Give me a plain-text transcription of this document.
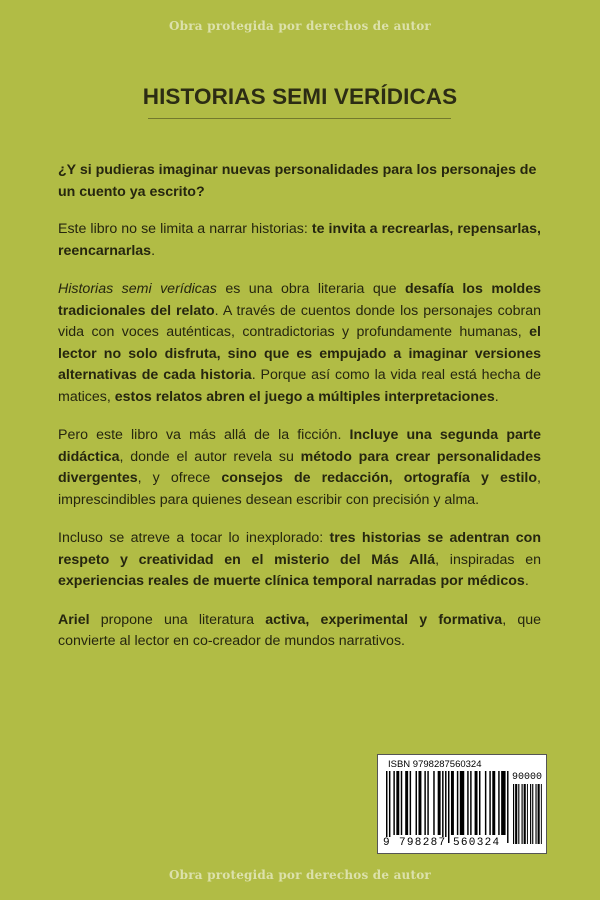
Obra protegida por derechos de autor
HISTORIAS SEMI VERÍDICAS

¿Y si pudieras imaginar nuevas personalidades para los personajes de un cuento ya escrito?

Este libro no se limita a narrar historias: te invita a recrearlas, repensarlas, reencarnarlas.

Historias semi verídicas es una obra literaria que desafía los moldes tradicionales del relato. A través de cuentos donde los personajes cobran vida con voces auténticas, contradictorias y profundamente humanas, el lector no solo disfruta, sino que es empujado a imaginar versiones alternativas de cada historia. Porque así como la vida real está hecha de matices, estos relatos abren el juego a múltiples interpretaciones.

Pero este libro va más allá de la ficción. Incluye una segunda parte didáctica, donde el autor revela su método para crear personalidades divergentes, y ofrece consejos de redacción, ortografía y estilo, imprescindibles para quienes desean escribir con precisión y alma.

Incluso se atreve a tocar lo inexplorado: tres historias se adentran con respeto y creatividad en el misterio del Más Allá, inspiradas en experiencias reales de muerte clínica temporal narradas por médicos.

Ariel propone una literatura activa, experimental y formativa, que convierte al lector en co-creador de mundos narrativos.

ISBN 9798287560324
90000
9 798287 560324
Obra protegida por derechos de autor
